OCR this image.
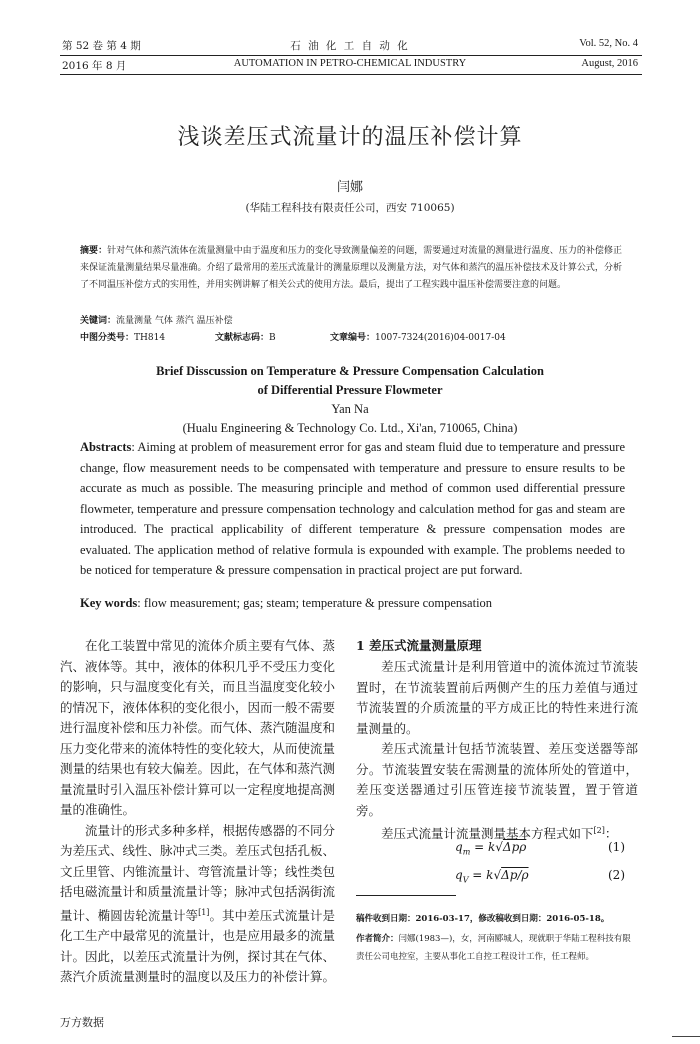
第 52 卷 第 4 期
2016 年 8 月
石 油 化 工 自 动 化
AUTOMATION IN PETRO-CHEMICAL INDUSTRY
Vol. 52, No. 4
August, 2016
浅谈差压式流量计的温压补偿计算
闫娜
(华陆工程科技有限责任公司，西安 710065)
摘要：针对气体和蒸汽流体在流量测量中由于温度和压力的变化导致测量偏差的问题，需要通过对流量的测量进行温度、压力的补偿修正来保证流量测量结果尽量准确。介绍了最常用的差压式流量计的测量原理以及测量方法，对气体和蒸汽的温压补偿技术及计算公式，分析了不同温压补偿方式的实用性，并用实例讲解了相关公式的使用方法。最后，提出了工程实践中温压补偿需要注意的问题。
关键词：流量测量 气体 蒸汽 温压补偿
中图分类号：TH814	文献标志码：B	文章编号：1007-7324(2016)04-0017-04
Brief Disscussion on Temperature & Pressure Compensation Calculation
of Differential Pressure Flowmeter
Yan Na
(Hualu Engineering & Technology Co. Ltd., Xi'an, 710065, China)
Abstracts: Aiming at problem of measurement error for gas and steam fluid due to temperature and pressure change, flow measurement needs to be compensated with temperature and pressure to ensure results to be accurate as much as possible. The measuring principle and method of common used differential pressure flowmeter, temperature and pressure compensation technology and calculation method for gas and steam are introduced. The practical applicability of different temperature & pressure compensation modes are evaluated. The application method of relative formula is expounded with example. The problems needed to be noticed for temperature & pressure compensation in practical project are put forward.
Key words: flow measurement; gas; steam; temperature & pressure compensation

在化工装置中常见的流体介质主要有气体、蒸汽、液体等。其中，液体的体积几乎不受压力变化的影响，只与温度变化有关，而且当温度变化较小的情况下，液体体积的变化很小，因而一般不需要进行温度补偿和压力补偿。而气体、蒸汽随温度和压力变化带来的流体特性的变化较大，从而使流量测量的结果也有较大偏差。因此，在气体和蒸汽测量流量时引入温压补偿计算可以一定程度地提高测量的准确性。

流量计的形式多种多样，根据传感器的不同分为差压式、线性、脉冲式三类。差压式包括孔板、文丘里管、内锥流量计、弯管流量计等；线性类包括电磁流量计和质量流量计等；脉冲式包括涡街流量计、椭圆齿轮流量计等[1]。其中差压式流量计是化工生产中最常见的流量计，也是应用最多的流量计。因此，以差压式流量计为例，探讨其在气体、蒸汽介质流量测量时的温度以及压力的补偿计算。

1 差压式流量测量原理

差压式流量计是利用管道中的流体流过节流装置时，在节流装置前后两侧产生的压力差值与通过节流装置的介质流量的平方成正比的特性来进行流量测量的。

差压式流量计包括节流装置、差压变送器等部分。节流装置安装在需测量的流体所处的管道中，差压变送器通过引压管连接节流装置，置于管道旁。

差压式流量计流量测量基本方程式如下[2]：

$q_m = k√\Delta p\rho$	(1)
$q_V = k√\Delta p/\rho$	(2)
稿件收到日期：2016-03-17，修改稿收到日期：2016-05-18。
作者简介：闫娜(1983—)，女，河南郾城人，现就职于华陆工程科技有限责任公司电控室，主要从事化工自控工程设计工作，任工程师。
万方数据
